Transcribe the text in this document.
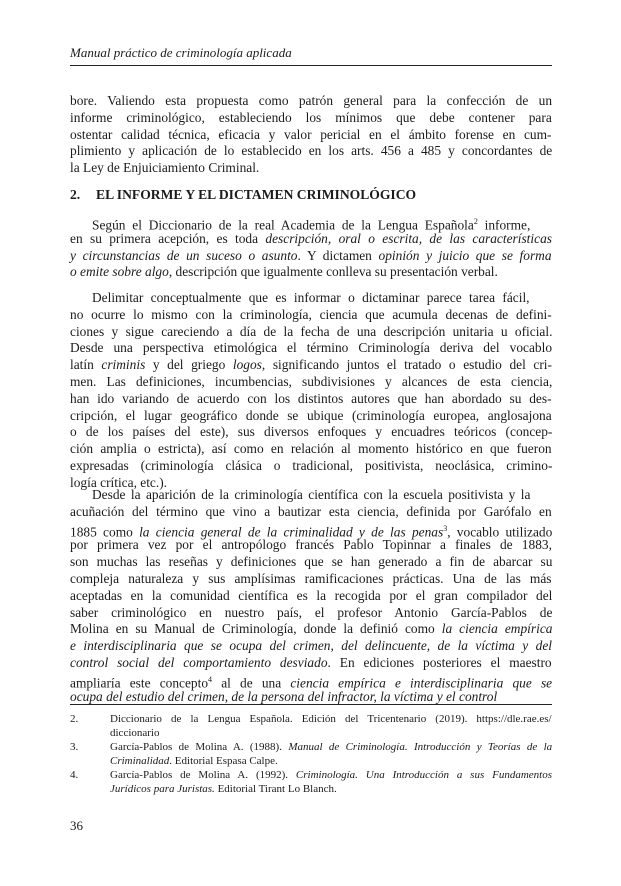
Manual práctico de criminología aplicada
bore. Valiendo esta propuesta como patrón general para la confección de un
informe criminológico, estableciendo los mínimos que debe contener para
ostentar calidad técnica, eficacia y valor pericial en el ámbito forense en cum-
plimiento y aplicación de lo establecido en los arts. 456 a 485 y concordantes de
la Ley de Enjuiciamiento Criminal.
2. EL INFORME Y EL DICTAMEN CRIMINOLÓGICO
Según el Diccionario de la real Academia de la Lengua Española$^2$ informe,
en su primera acepción, es toda descripción, oral o escrita, de las características
y circunstancias de un suceso o asunto. Y dictamen opinión y juicio que se forma
o emite sobre algo, descripción que igualmente conlleva su presentación verbal.
Delimitar conceptualmente que es informar o dictaminar parece tarea fácil,
no ocurre lo mismo con la criminología, ciencia que acumula decenas de defini-
ciones y sigue careciendo a día de la fecha de una descripción unitaria u oficial.
Desde una perspectiva etimológica el término Criminología deriva del vocablo
latín criminis y del griego logos, significando juntos el tratado o estudio del cri-
men. Las definiciones, incumbencias, subdivisiones y alcances de esta ciencia,
han ido variando de acuerdo con los distintos autores que han abordado su des-
cripción, el lugar geográfico donde se ubique (criminología europea, anglosajona
o de los países del este), sus diversos enfoques y encuadres teóricos (concep-
ción amplia o estricta), así como en relación al momento histórico en que fueron
expresadas (criminología clásica o tradicional, positivista, neoclásica, crimino-
logía crítica, etc.).
Desde la aparición de la criminología científica con la escuela positivista y la
acuñación del término que vino a bautizar esta ciencia, definida por Garófalo en
1885 como la ciencia general de la criminalidad y de las penas$^3$, vocablo utilizado
por primera vez por el antropólogo francés Pablo Topinnar a finales de 1883,
son muchas las reseñas y definiciones que se han generado a fin de abarcar su
compleja naturaleza y sus amplísimas ramificaciones prácticas. Una de las más
aceptadas en la comunidad científica es la recogida por el gran compilador del
saber criminológico en nuestro país, el profesor Antonio García-Pablos de
Molina en su Manual de Criminología, donde la definió como la ciencia empírica
e interdisciplinaria que se ocupa del crimen, del delincuente, de la víctima y del
control social del comportamiento desviado. En ediciones posteriores el maestro
ampliaría este concepto$^4$ al de una ciencia empírica e interdisciplinaria que se
ocupa del estudio del crimen, de la persona del infractor, la víctima y el control
2.	Diccionario de la Lengua Española. Edición del Tricentenario (2019). https://dle.rae.es/
diccionario
3.	García-Pablos de Molina A. (1988). Manual de Criminología. Introducción y Teorías de la
Criminalidad. Editorial Espasa Calpe.
4.	García-Pablos de Molina A. (1992). Criminología. Una Introducción a sus Fundamentos
Jurídicos para Juristas. Editorial Tirant Lo Blanch.
36
